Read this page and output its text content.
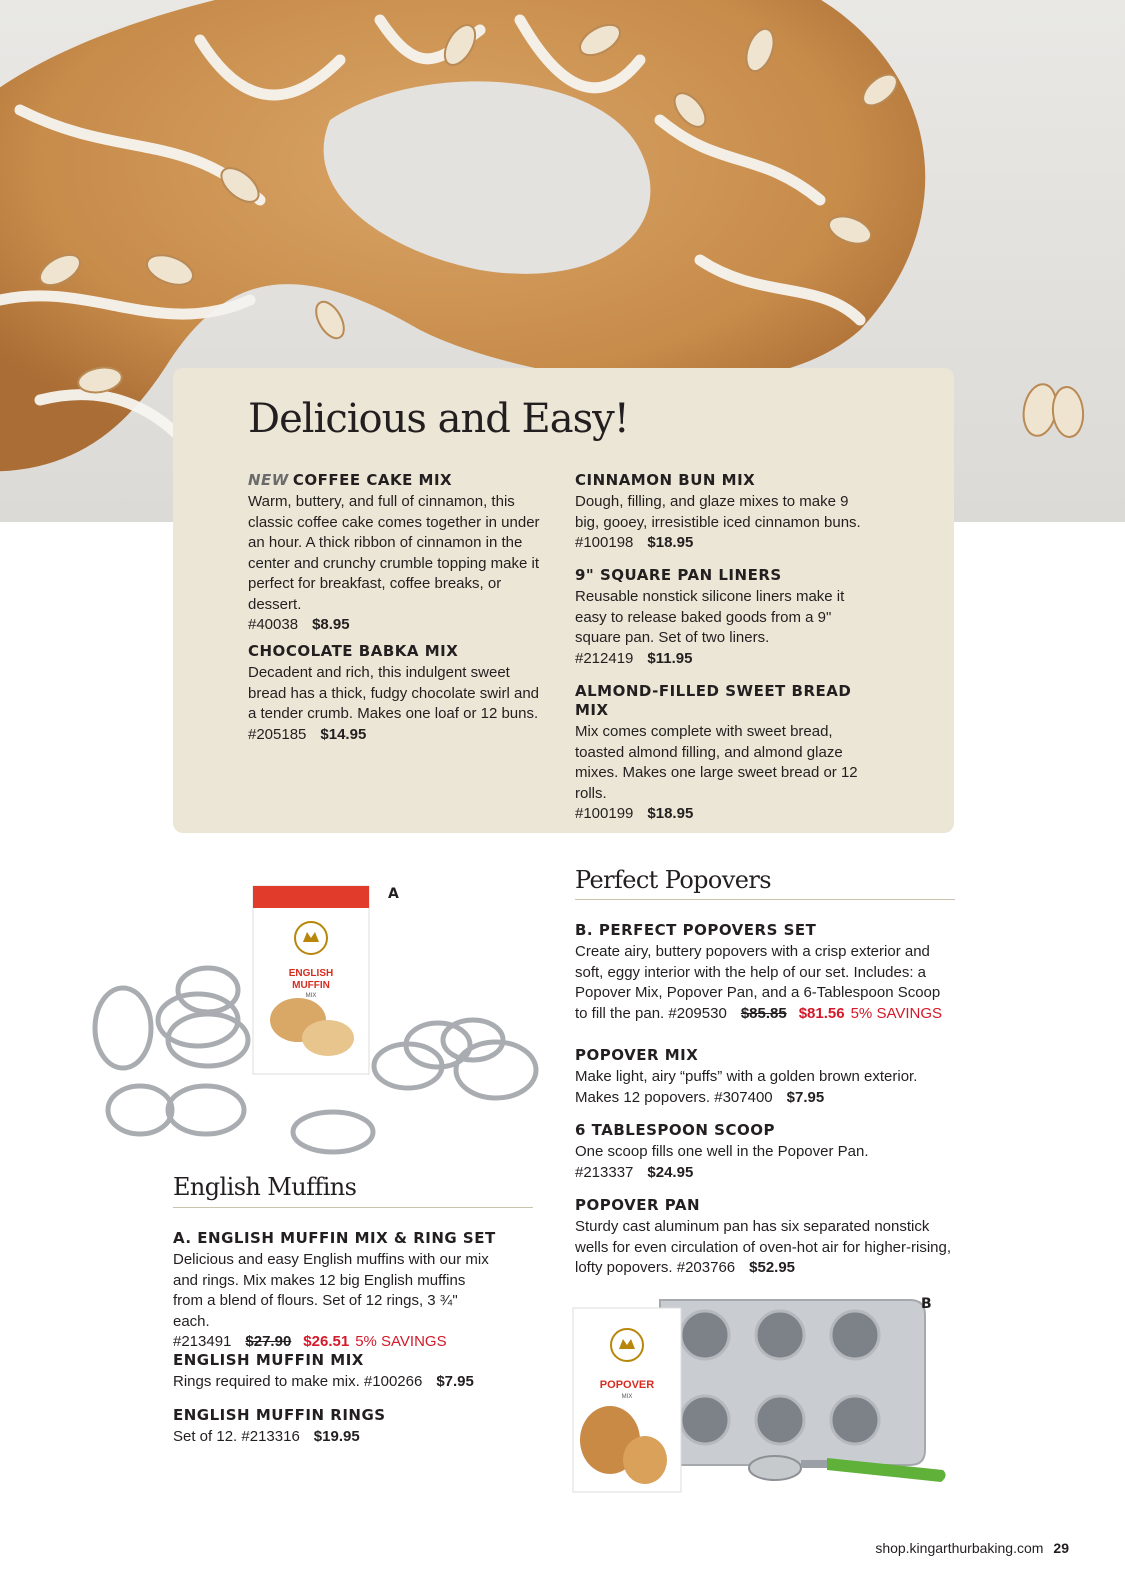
Delicious and Easy!

NEW COFFEE CAKE MIX

Warm, buttery, and full of cinnamon, this classic coffee cake comes together in under an hour. A thick ribbon of cinnamon in the center and crunchy crumble topping make it perfect for breakfast, coffee breaks, or dessert.
#40038 $8.95

CHOCOLATE BABKA MIX

Decadent and rich, this indulgent sweet bread has a thick, fudgy chocolate swirl and a tender crumb. Makes one loaf or 12 buns.
#205185 $14.95

CINNAMON BUN MIX

Dough, filling, and glaze mixes to make 9 big, gooey, irresistible iced cinnamon buns.
#100198 $18.95

9" SQUARE PAN LINERS

Reusable nonstick silicone liners make it easy to release baked goods from a 9" square pan. Set of two liners. #212419 $11.95

ALMOND-FILLED SWEET BREAD MIX

Mix comes complete with sweet bread, toasted almond filling, and almond glaze mixes. Makes one large sweet bread or 12 rolls.
#100199 $18.95

ENGLISH
MUFFIN
MIX
A
English Muffins

A. ENGLISH MUFFIN MIX & RING SET

Delicious and easy English muffins with our mix and rings. Mix makes 12 big English muffins from a blend of flours. Set of 12 rings, 3 ¾" each.
#213491 $27.90 $26.51 5% SAVINGS

ENGLISH MUFFIN MIX

Rings required to make mix. #100266 $7.95

ENGLISH MUFFIN RINGS

Set of 12. #213316 $19.95

Perfect Popovers

B. PERFECT POPOVERS SET

Create airy, buttery popovers with a crisp exterior and soft, eggy interior with the help of our set. Includes: a Popover Mix, Popover Pan, and a 6-Tablespoon Scoop to fill the pan. #209530 $85.85 $81.56 5% SAVINGS

POPOVER MIX

Make light, airy “puffs” with a golden brown exterior. Makes 12 popovers. #307400 $7.95

6 TABLESPOON SCOOP

One scoop fills one well in the Popover Pan.
#213337 $24.95

POPOVER PAN

Sturdy cast aluminum pan has six separated nonstick wells for even circulation of oven-hot air for higher-rising, lofty popovers. #203766 $52.95

POPOVER
MIX
B
shop.kingarthurbaking.com 29
